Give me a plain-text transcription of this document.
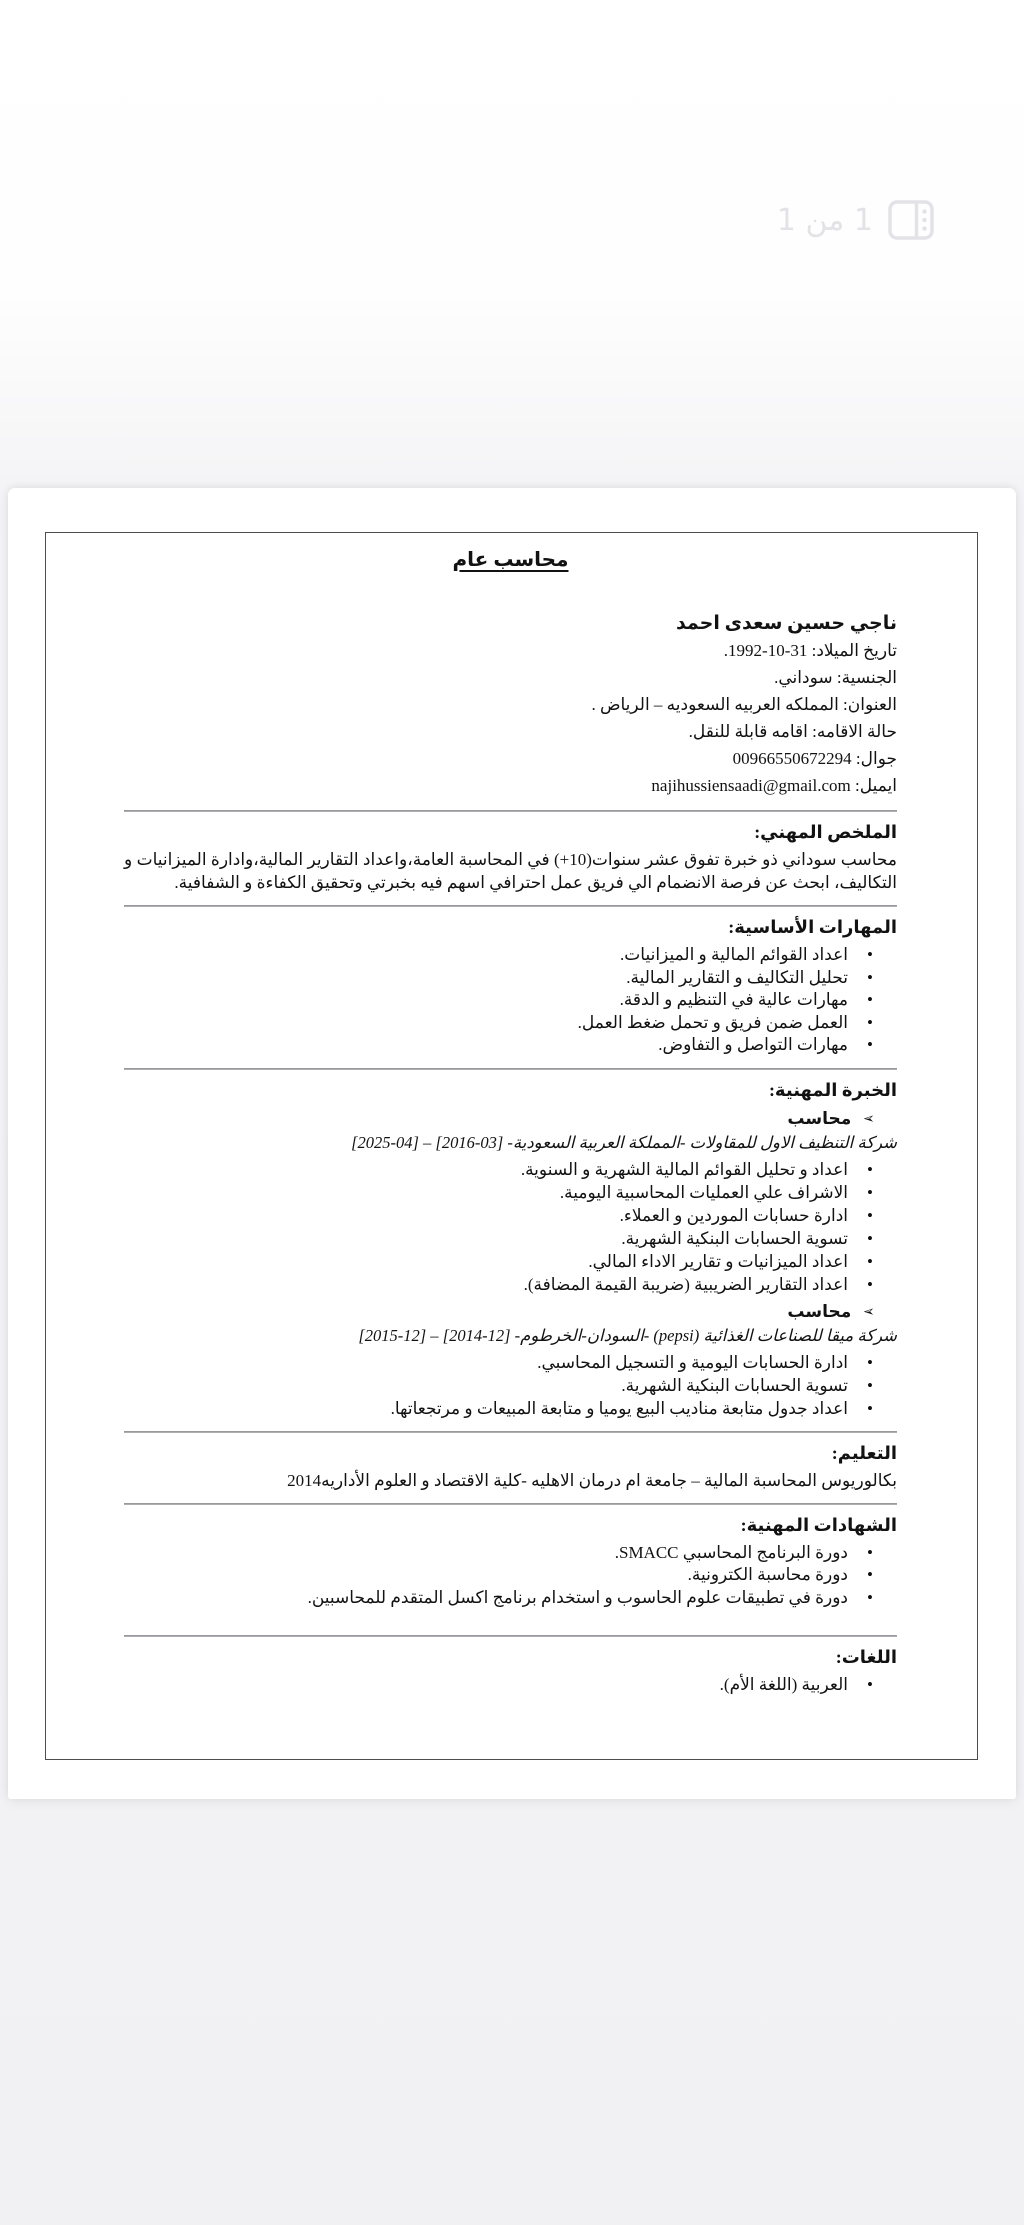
1 من 1
محاسب عام
ناجي حسين سعدى احمد
تاريخ الميلاد: 31-10-1992.
الجنسية: سوداني.
العنوان: المملكه العربيه السعوديه – الرياض .
حالة الاقامه: اقامه قابلة للنقل.
جوال: 00966550672294
ايميل: najihussiensaadi@gmail.com
الملخص المهني:

محاسب سوداني ذو خبرة تفوق عشر سنوات(10+) في المحاسبة العامة،واعداد التقارير المالية،وادارة الميزانيات و التكاليف، ابحث عن فرصة الانضمام الي فريق عمل احترافي اسهم فيه بخبرتي وتحقيق الكفاءة و الشفافية.

المهارات الأساسية:
• اعداد القوائم المالية و الميزانيات.
• تحليل التكاليف و التقارير المالية.
• مهارات عالية في التنظيم و الدقة.
• العمل ضمن فريق و تحمل ضغط العمل.
• مهارات التواصل و التفاوض.
الخبرة المهنية:
➢محاسب
شركة التنظيف الاول للمقاولات -المملكة العربية السعودية- [03-2016] – [04-2025]
• اعداد و تحليل القوائم المالية الشهرية و السنوية.
• الاشراف علي العمليات المحاسبية اليومية.
• ادارة حسابات الموردين و العملاء.
• تسوية الحسابات البنكية الشهرية.
• اعداد الميزانيات و تقارير الاداء المالي.
• اعداد التقارير الضريبية (ضريبة القيمة المضافة).
➢محاسب
شركة ميقا للصناعات الغذائية (pepsi) -السودان-الخرطوم- [12-2014] – [12-2015]
• ادارة الحسابات اليومية و التسجيل المحاسبي.
• تسوية الحسابات البنكية الشهرية.
• اعداد جدول متابعة مناديب البيع يوميا و متابعة المبيعات و مرتجعاتها.
التعليم:

بكالوريوس المحاسبة المالية – جامعة ام درمان الاهليه -كلية الاقتصاد و العلوم الأداريه2014

الشهادات المهنية:
• دورة البرنامج المحاسبي SMACC.
• دورة محاسبة الكترونية.
• دورة في تطبيقات علوم الحاسوب و استخدام برنامج اكسل المتقدم للمحاسبين.
اللغات:
• العربية (اللغة الأم).
